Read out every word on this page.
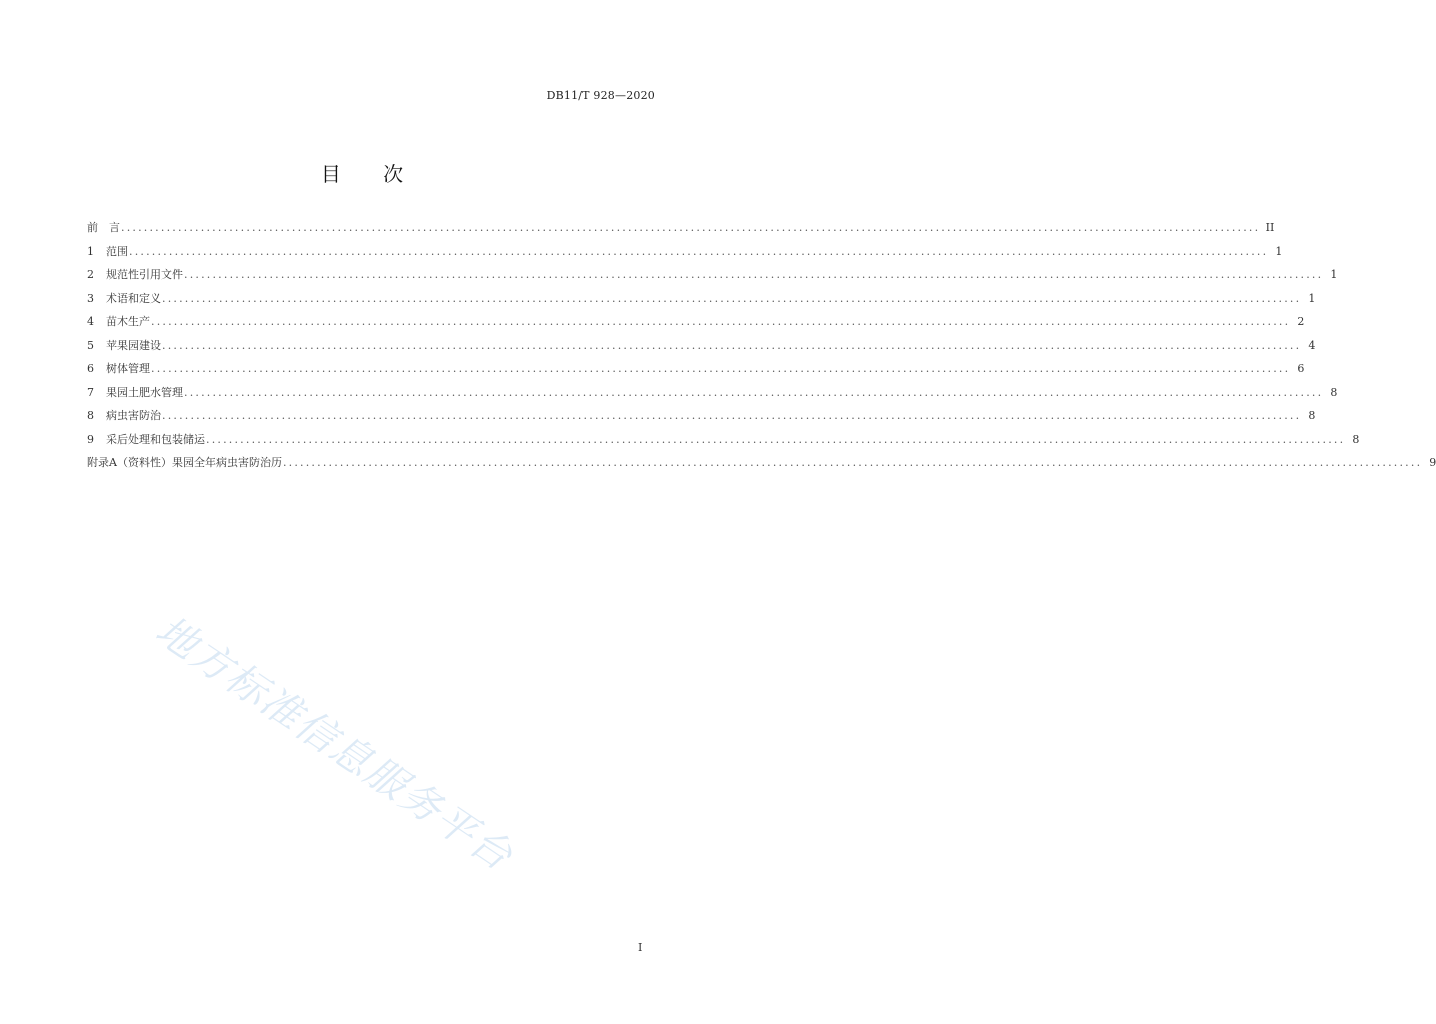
DB11/T 928—2020
目 次
前　言 ........................................................................................................................................................................................................ II
1	范围 ........................................................................................................................................................................................................ 1
2	规范性引用文件 ........................................................................................................................................................................................................ 1
3	术语和定义 ........................................................................................................................................................................................................ 1
4	苗木生产 ........................................................................................................................................................................................................ 2
5	苹果园建设 ........................................................................................................................................................................................................ 4
6	树体管理 ........................................................................................................................................................................................................ 6
7	果园土肥水管理 ........................................................................................................................................................................................................ 8
8	病虫害防治 ........................................................................................................................................................................................................ 8
9	采后处理和包装储运 ........................................................................................................................................................................................................ 8
附录A（资料性）果园全年病虫害防治历 ........................................................................................................................................................................................................ 9
地方标准信息服务平台
I
